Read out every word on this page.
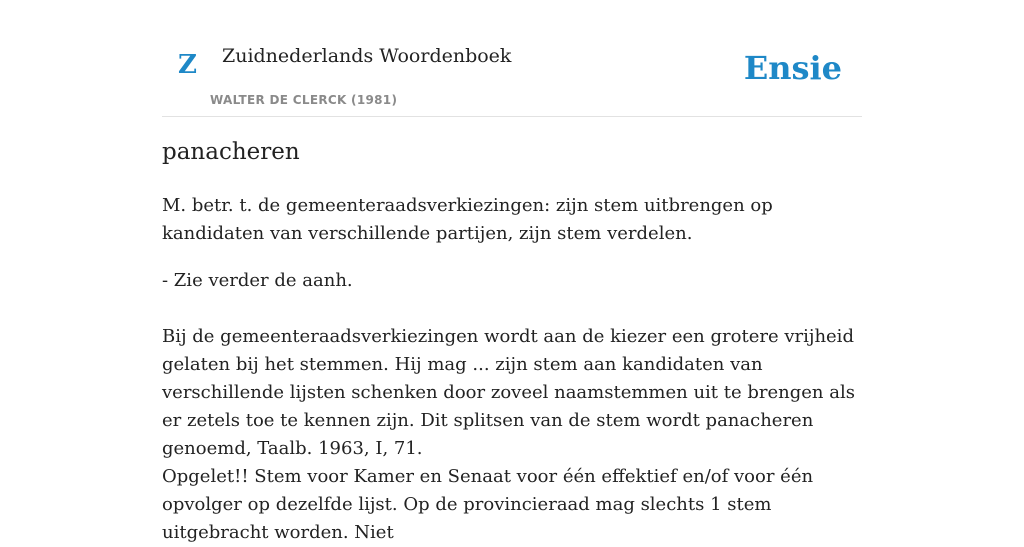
Z Zuidnederlands Woordenboek
WALTER DE CLERCK (1981)
Ensie
panacheren
M. betr. t. de gemeenteraadsverkiezingen: zijn stem uitbrengen op kandidaten van verschillende partijen, zijn stem verdelen.
- Zie verder de aanh.
Bij de gemeenteraadsverkiezingen wordt aan de kiezer een grotere vrijheid gelaten bij het stemmen. Hij mag ... zijn stem aan kandidaten van verschillende lijsten schenken door zoveel naamstemmen uit te brengen als er zetels toe te kennen zijn. Dit splitsen van de stem wordt panacheren genoemd, Taalb. 1963, I, 71.
Opgelet!! Stem voor Kamer en Senaat voor één effektief en/of voor één opvolger op dezelfde lijst. Op de provincieraad mag slechts 1 stem uitgebracht worden. Niet
